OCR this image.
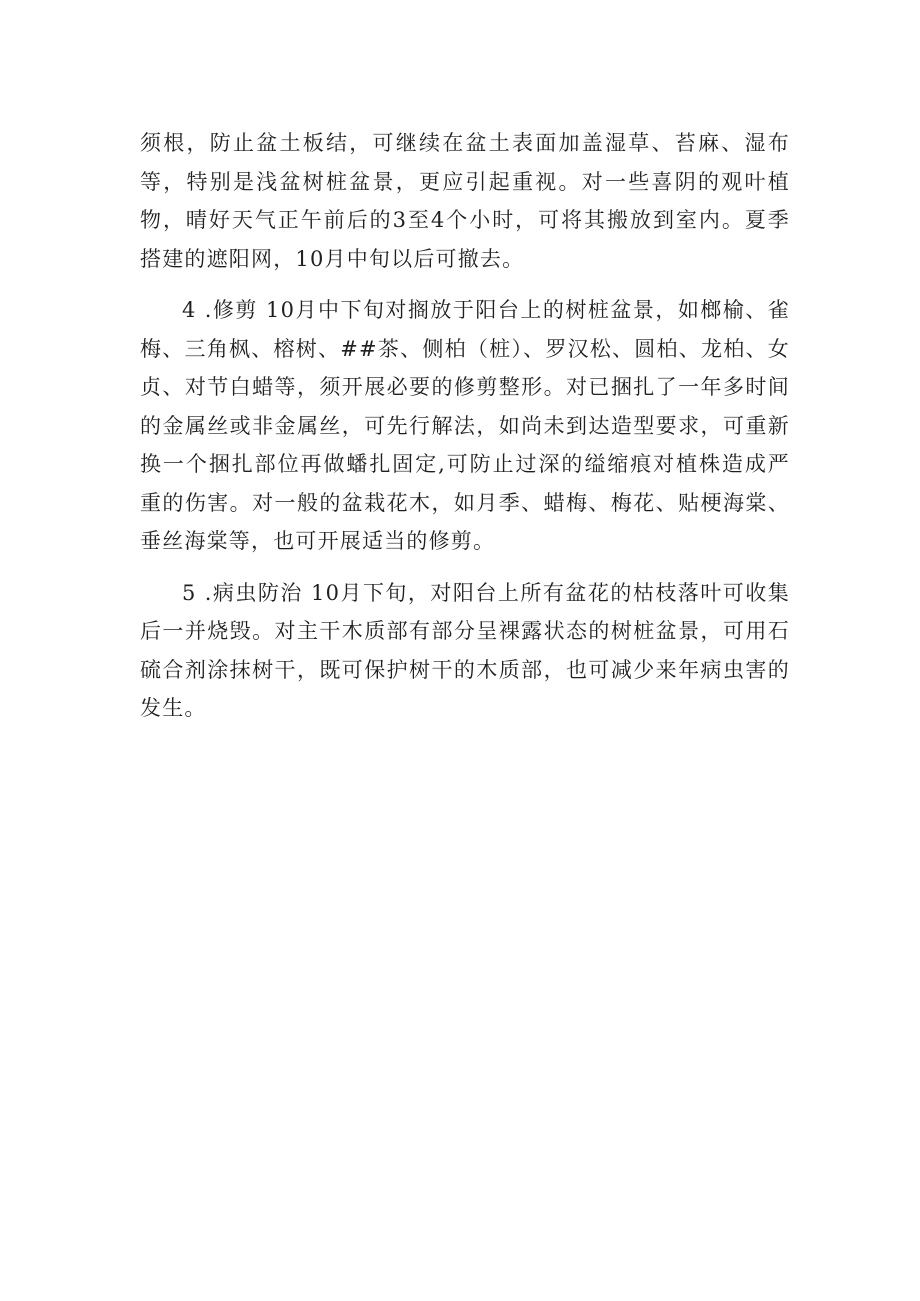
须根，防止盆土板结，可继续在盆土表面加盖湿草、苔麻、湿布等，特别是浅盆树桩盆景，更应引起重视。对一些喜阴的观叶植物，晴好天气正午前后的3至4个小时，可将其搬放到室内。夏季搭建的遮阳网，10月中旬以后可撤去。

4 .修剪 10月中下旬对搁放于阳台上的树桩盆景，如榔榆、雀梅、三角枫、榕树、##茶、侧柏（桩）、罗汉松、圆柏、龙柏、女贞、对节白蜡等，须开展必要的修剪整形。对已捆扎了一年多时间的金属丝或非金属丝，可先行解法，如尚未到达造型要求，可重新换一个捆扎部位再做蟠扎固定,可防止过深的缢缩痕对植株造成严重的伤害。对一般的盆栽花木，如月季、蜡梅、梅花、贴梗海棠、垂丝海棠等，也可开展适当的修剪。

5 .病虫防治 10月下旬，对阳台上所有盆花的枯枝落叶可收集后一并烧毁。对主干木质部有部分呈裸露状态的树桩盆景，可用石硫合剂涂抹树干，既可保护树干的木质部，也可减少来年病虫害的发生。
